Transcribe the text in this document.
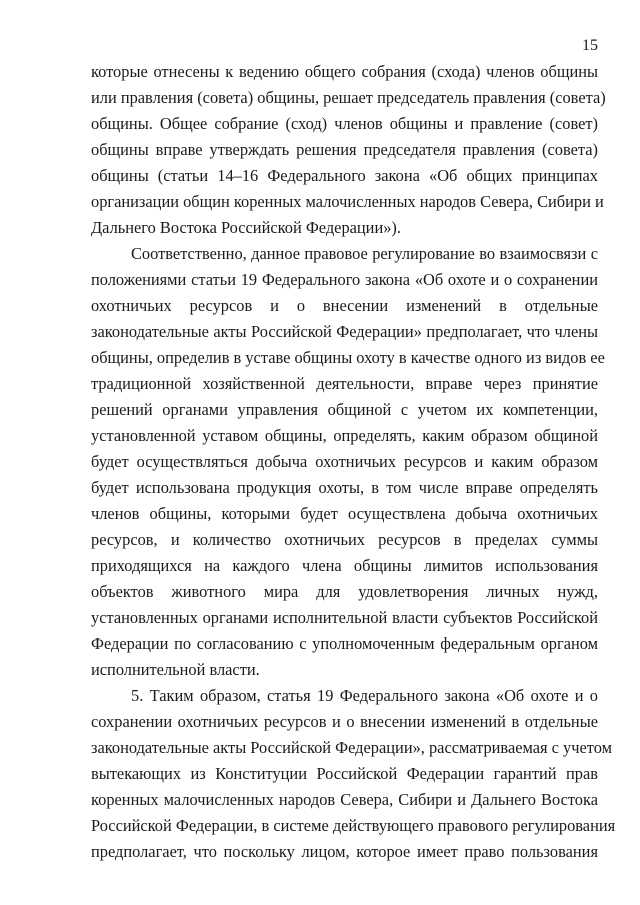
15
которые отнесены к ведению общего собрания (схода) членов общины
или правления (совета) общины, решает председатель правления (совета)
общины. Общее собрание (сход) членов общины и правление (совет)
общины вправе утверждать решения председателя правления (совета)
общины (статьи 14–16 Федерального закона «Об общих принципах
организации общин коренных малочисленных народов Севера, Сибири и
Дальнего Востока Российской Федерации»).
Соответственно, данное правовое регулирование во взаимосвязи с
положениями статьи 19 Федерального закона «Об охоте и о сохранении
охотничьих ресурсов и о внесении изменений в отдельные
законодательные акты Российской Федерации» предполагает, что члены
общины, определив в уставе общины охоту в качестве одного из видов ее
традиционной хозяйственной деятельности, вправе через принятие
решений органами управления общиной с учетом их компетенции,
установленной уставом общины, определять, каким образом общиной
будет осуществляться добыча охотничьих ресурсов и каким образом
будет использована продукция охоты, в том числе вправе определять
членов общины, которыми будет осуществлена добыча охотничьих
ресурсов, и количество охотничьих ресурсов в пределах суммы
приходящихся на каждого члена общины лимитов использования
объектов животного мира для удовлетворения личных нужд,
установленных органами исполнительной власти субъектов Российской
Федерации по согласованию с уполномоченным федеральным органом
исполнительной власти.
5. Таким образом, статья 19 Федерального закона «Об охоте и о
сохранении охотничьих ресурсов и о внесении изменений в отдельные
законодательные акты Российской Федерации», рассматриваемая с учетом
вытекающих из Конституции Российской Федерации гарантий прав
коренных малочисленных народов Севера, Сибири и Дальнего Востока
Российской Федерации, в системе действующего правового регулирования
предполагает, что поскольку лицом, которое имеет право пользования
